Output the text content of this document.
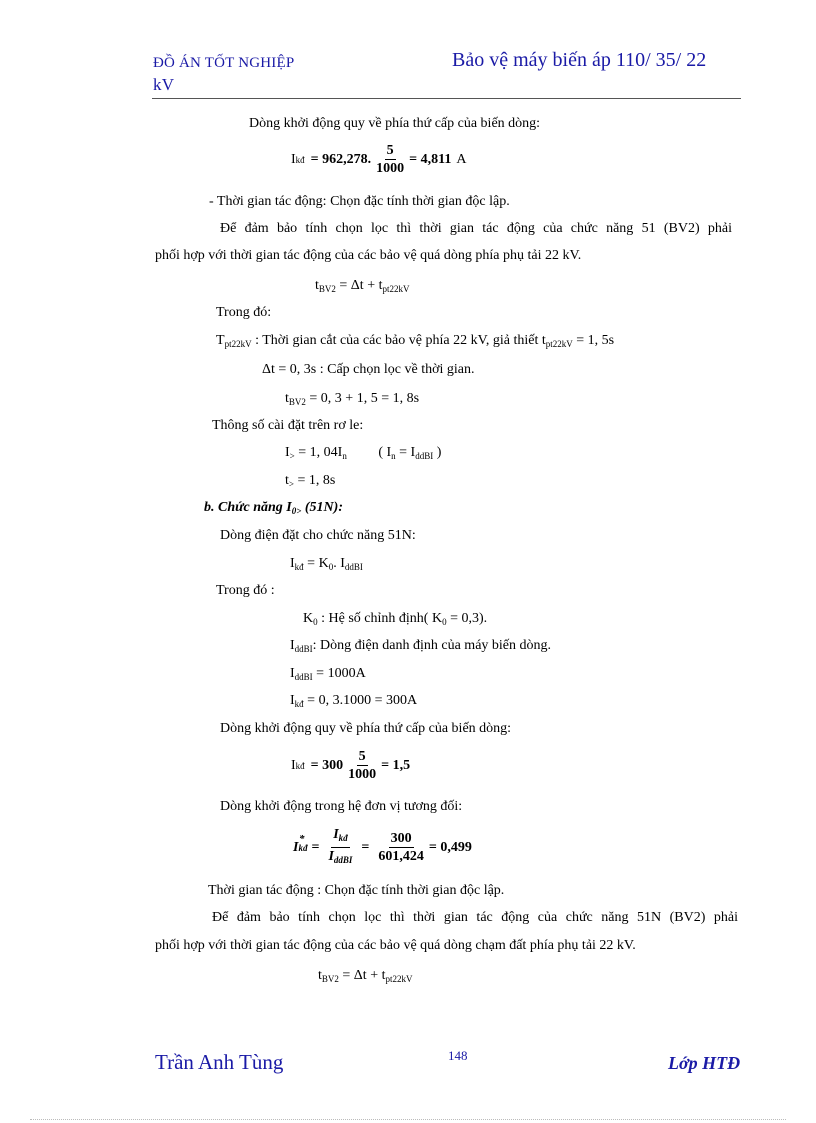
ĐỒ ÁN TỐT NGHIỆP	Bảo vệ máy biến áp 110/ 35/ 22
kV
Dòng khởi động quy về phía thứ cấp của biến dòng:
I kđ = 962,278. $\frac{5}{1000} = 4,811$ A
- Thời gian tác động: Chọn đặc tính thời gian độc lập.
Để đảm bảo tính chọn lọc thì thời gian tác động của chức năng 51 (BV2) phải
phối hợp với thời gian tác động của các bảo vệ quá dòng phía phụ tải 22 kV.
$t_{BV2} = \Delta t + t_{pt22kV}$
Trong đó:
$T_{pt22kV}$ : Thời gian cắt của các bảo vệ phía 22 kV, giả thiết $t_{pt22kV} = 1$, 5s
Δt = 0, 3s : Cấp chọn lọc về thời gian.
$t_{BV2} = 0$, 3 + 1, 5 = 1, 8s
Thông số cài đặt trên rơ le:
$I_> = 1$, $04I_n$ ( $I_n = I_{ddBI}$ )
$t_> = 1$, 8s
b. Chức năng $I_{0>}$ (51N):
Dòng điện đặt cho chức năng 51N:
$I_{kđ} = K_0$. $I_{ddBI}$
Trong đó :
$K_0$ : Hệ số chỉnh định( $K_0 = 0,3$).
$I_{ddBI}$: Dòng điện danh định của máy biến dòng.
$I_{ddBI} = 1000A$
$I_{kđ} = 0$, 3.1000 = 300A
Dòng khởi động quy về phía thứ cấp của biến dòng:
I kđ = $300 \frac{5}{1000} = 1,5$
Dòng khởi động trong hệ đơn vị tương đối:
I
*
kđ = $\frac{I_{kđ}}{I_{ddBI}} = \frac{300}{601,424} = 0,499$
Thời gian tác động : Chọn đặc tính thời gian độc lập.
Để đảm bảo tính chọn lọc thì thời gian tác động của chức năng 51N (BV2) phải
phối hợp với thời gian tác động của các bảo vệ quá dòng chạm đất phía phụ tải 22 kV.
$t_{BV2} = \Delta t + t_{pt22kV}$
Trần Anh Tùng	148	Lớp HTĐ
